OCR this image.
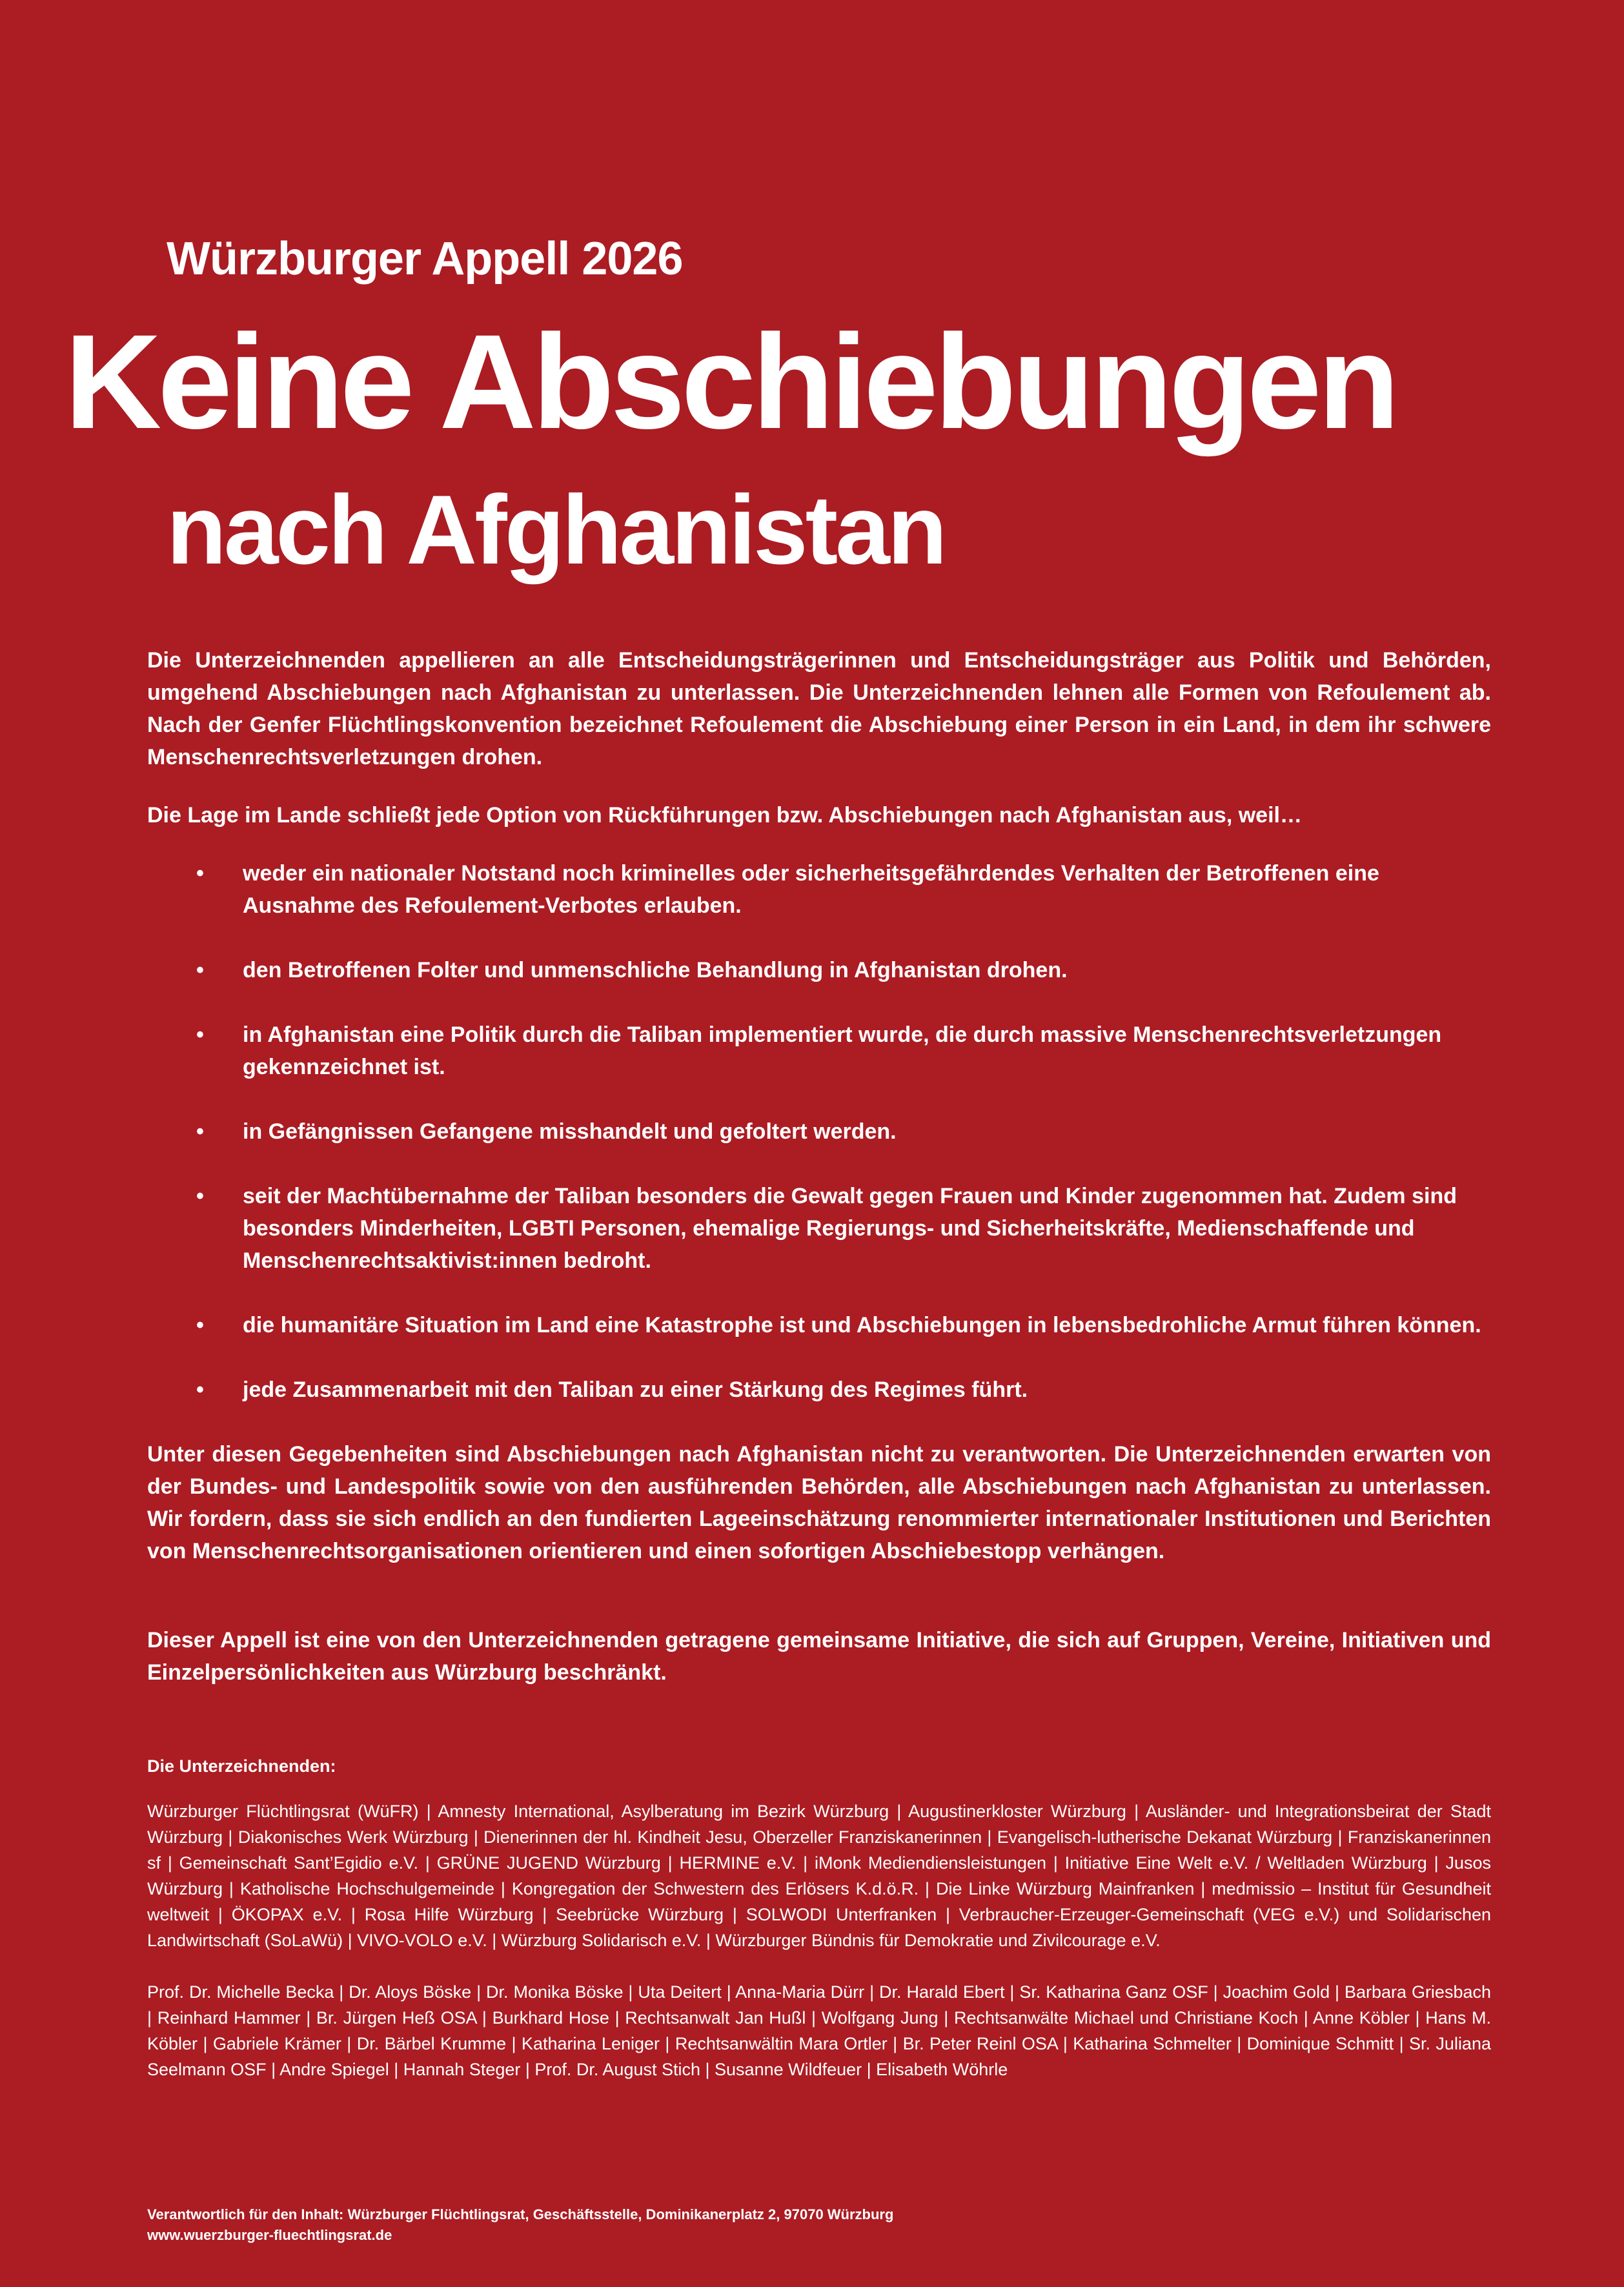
Würzburger Appell 2026
Keine Abschiebungen
nach Afghanistan

Die Unterzeichnenden appellieren an alle Entscheidungsträgerinnen und Entscheidungsträger aus Politik und Behörden, umgehend Abschiebungen nach Afghanistan zu unterlassen. Die Unterzeichnenden lehnen alle Formen von Refoulement ab. Nach der Genfer Flüchtlingskonvention bezeichnet Refoulement die Abschiebung einer Person in ein Land, in dem ihr schwere Menschenrechtsverletzungen drohen.

Die Lage im Lande schließt jede Option von Rückführungen bzw. Abschiebungen nach Afghanistan aus, weil…

• weder ein nationaler Notstand noch kriminelles oder sicherheitsgefährdendes Verhalten der Betroffenen eine Ausnahme des Refoulement-Verbotes erlauben.
• den Betroffenen Folter und unmenschliche Behandlung in Afghanistan drohen.
• in Afghanistan eine Politik durch die Taliban implementiert wurde, die durch massive Menschenrechtsverletzungen gekennzeichnet ist.
• in Gefängnissen Gefangene misshandelt und gefoltert werden.
• seit der Machtübernahme der Taliban besonders die Gewalt gegen Frauen und Kinder zugenommen hat. Zudem sind besonders Minderheiten, LGBTI Personen, ehemalige Regierungs- und Sicherheitskräfte, Medienschaffende und Menschenrechtsaktivist:innen bedroht.
• die humanitäre Situation im Land eine Katastrophe ist und Abschiebungen in lebensbedrohliche Armut führen können.
• jede Zusammenarbeit mit den Taliban zu einer Stärkung des Regimes führt.

Unter diesen Gegebenheiten sind Abschiebungen nach Afghanistan nicht zu verantworten. Die Unterzeichnenden erwarten von der Bundes- und Landespolitik sowie von den ausführenden Behörden, alle Abschiebungen nach Afghanistan zu unterlassen. Wir fordern, dass sie sich endlich an den fundierten Lageeinschätzung renommierter internationaler Institutionen und Berichten von Menschenrechtsorganisationen orientieren und einen sofortigen Abschiebestopp verhängen.

Dieser Appell ist eine von den Unterzeichnenden getragene gemeinsame Initiative, die sich auf Gruppen, Vereine, Initiativen und Einzelpersönlichkeiten aus Würzburg beschränkt.

Die Unterzeichnenden:

Würzburger Flüchtlingsrat (WüFR) | Amnesty International, Asylberatung im Bezirk Würzburg | Augustinerkloster Würzburg | Ausländer- und Integrationsbeirat der Stadt Würzburg | Diakonisches Werk Würzburg | Dienerinnen der hl. Kindheit Jesu, Oberzeller Franziskanerinnen | Evangelisch-lutherische Dekanat Würzburg | Franziskanerinnen sf | Gemeinschaft Sant’Egidio e.V. | GRÜNE JUGEND Würzburg | HERMINE e.V. | iMonk Mediendiensleistungen | Initiative Eine Welt e.V. / Weltladen Würzburg | Jusos Würzburg | Katholische Hochschulgemeinde | Kongregation der Schwestern des Erlösers K.d.ö.R. | Die Linke Würzburg Mainfranken | medmissio – Institut für Gesundheit weltweit | ÖKOPAX e.V. | Rosa Hilfe Würzburg | Seebrücke Würzburg | SOLWODI Unterfranken | Verbraucher-Erzeuger-Gemeinschaft (VEG e.V.) und Solidarischen Landwirtschaft (SoLaWü) | VIVO-VOLO e.V. | Würzburg Solidarisch e.V. | Würzburger Bündnis für Demokratie und Zivilcourage e.V.

Prof. Dr. Michelle Becka | Dr. Aloys Böske | Dr. Monika Böske | Uta Deitert | Anna-Maria Dürr | Dr. Harald Ebert | Sr. Katharina Ganz OSF | Joachim Gold | Barbara Griesbach | Reinhard Hammer | Br. Jürgen Heß OSA | Burkhard Hose | Rechtsanwalt Jan Hußl | Wolfgang Jung | Rechtsanwälte Michael und Christiane Koch | Anne Köbler | Hans M. Köbler | Gabriele Krämer | Dr. Bärbel Krumme | Katharina Leniger | Rechtsanwältin Mara Ortler | Br. Peter Reinl OSA | Katharina Schmelter | Dominique Schmitt | Sr. Juliana Seelmann OSF | Andre Spiegel | Hannah Steger | Prof. Dr. August Stich | Susanne Wildfeuer | Elisabeth Wöhrle

Verantwortlich für den Inhalt: Würzburger Flüchtlingsrat, Geschäftsstelle, Dominikanerplatz 2, 97070 Würzburg
www.wuerzburger-fluechtlingsrat.de
